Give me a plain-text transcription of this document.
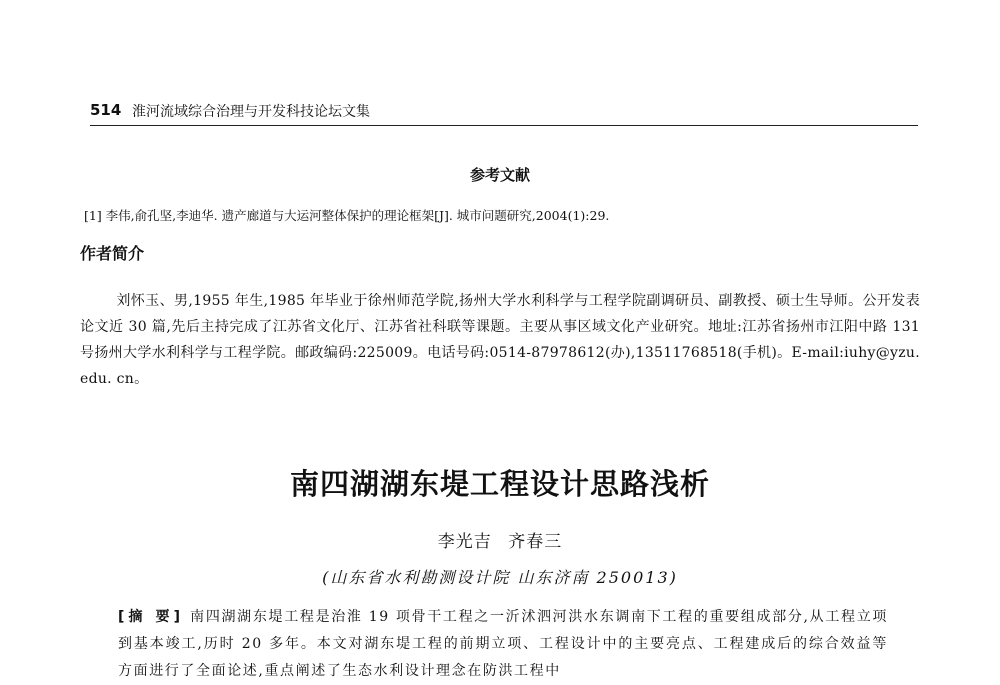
514 淮河流域综合治理与开发科技论坛文集
参考文献
[1] 李伟,俞孔坚,李迪华. 遗产廊道与大运河整体保护的理论框架[J]. 城市问题研究,2004(1):29.
作者简介
刘怀玉、男,1955 年生,1985 年毕业于徐州师范学院,扬州大学水利科学与工程学院副调研员、副教授、硕士生导师。公开发表论文近 30 篇,先后主持完成了江苏省文化厅、江苏省社科联等课题。主要从事区域文化产业研究。地址:江苏省扬州市江阳中路 131 号扬州大学水利科学与工程学院。邮政编码:225009。电话号码:0514-87978612(办),13511768518(手机)。E-mail:iuhy@yzu. edu. cn。
南四湖湖东堤工程设计思路浅析
李光吉 齐春三
(山东省水利勘测设计院 山东济南 250013)
[摘 要] 南四湖湖东堤工程是治淮 19 项骨干工程之一沂沭泗河洪水东调南下工程的重要组成部分,从工程立项到基本竣工,历时 20 多年。本文对湖东堤工程的前期立项、工程设计中的主要亮点、工程建成后的综合效益等方面进行了全面论述,重点阐述了生态水利设计理念在防洪工程中
